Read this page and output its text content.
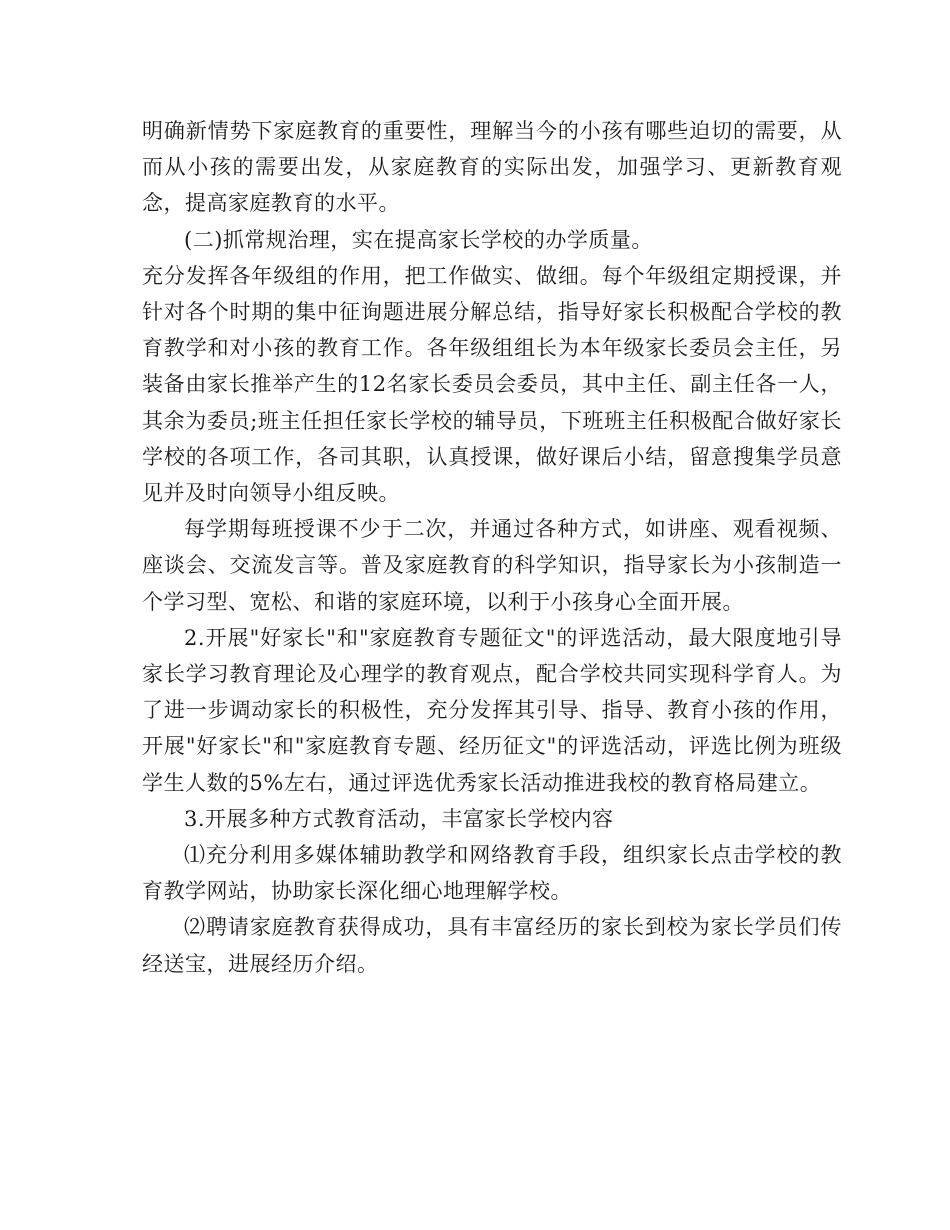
明确新情势下家庭教育的重要性，理解当今的小孩有哪些迫切的需要，从而从小孩的需要出发，从家庭教育的实际出发，加强学习、更新教育观念，提高家庭教育的水平。

(二)抓常规治理，实在提高家长学校的办学质量。

充分发挥各年级组的作用，把工作做实、做细。每个年级组定期授课，并针对各个时期的集中征询题进展分解总结，指导好家长积极配合学校的教育教学和对小孩的教育工作。各年级组组长为本年级家长委员会主任，另装备由家长推举产生的12名家长委员会委员，其中主任、副主任各一人，其余为委员;班主任担任家长学校的辅导员，下班班主任积极配合做好家长学校的各项工作，各司其职，认真授课，做好课后小结，留意搜集学员意见并及时向领导小组反映。

每学期每班授课不少于二次，并通过各种方式，如讲座、观看视频、座谈会、交流发言等。普及家庭教育的科学知识，指导家长为小孩制造一个学习型、宽松、和谐的家庭环境，以利于小孩身心全面开展。

2.开展"好家长"和"家庭教育专题征文"的评选活动，最大限度地引导家长学习教育理论及心理学的教育观点，配合学校共同实现科学育人。为了进一步调动家长的积极性，充分发挥其引导、指导、教育小孩的作用，开展"好家长"和"家庭教育专题、经历征文"的评选活动，评选比例为班级学生人数的5%左右，通过评选优秀家长活动推进我校的教育格局建立。

3.开展多种方式教育活动，丰富家长学校内容

⑴充分利用多媒体辅助教学和网络教育手段，组织家长点击学校的教育教学网站，协助家长深化细心地理解学校。

⑵聘请家庭教育获得成功，具有丰富经历的家长到校为家长学员们传经送宝，进展经历介绍。
